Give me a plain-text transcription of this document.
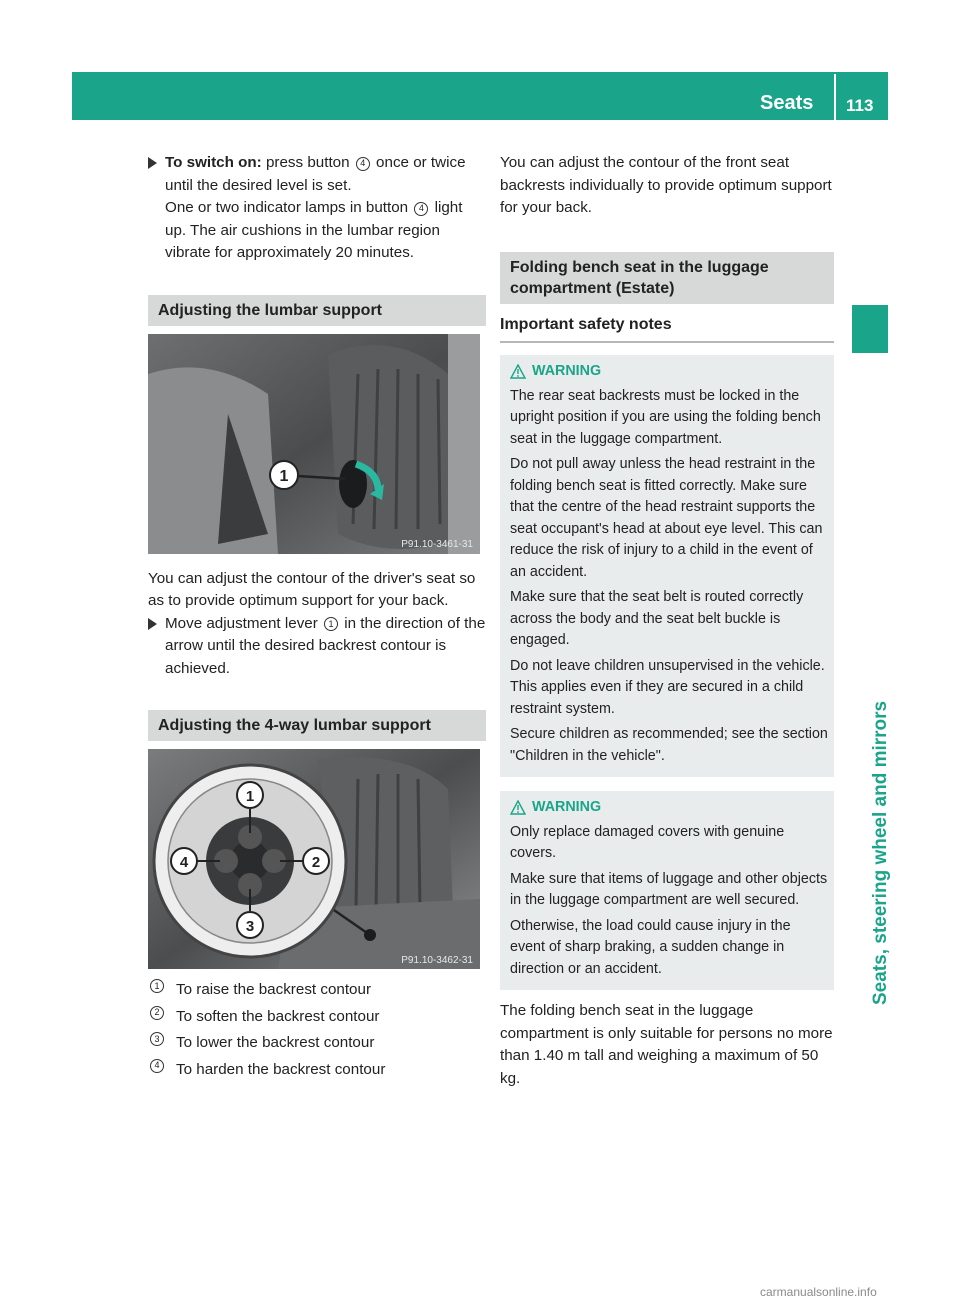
Seats 113
Seats, steering wheel and mirrors

To switch on: press button 4 once or twice until the desired level is set.
One or two indicator lamps in button 4 light up. The air cushions in the lumbar region vibrate for approximately 20 minutes.

Adjusting the lumbar support
1
P91.10-3461-31

You can adjust the contour of the driver's seat so as to provide optimum support for your back.

Move adjustment lever 1 in the direction of the arrow until the desired backrest contour is achieved.

Adjusting the 4-way lumbar support
1
2
3
4
P91.10-3462-31
1 To raise the backrest contour
2 To soften the backrest contour
3 To lower the backrest contour
4 To harden the backrest contour

You can adjust the contour of the front seat backrests individually to provide optimum support for your back.

Folding bench seat in the luggage compartment (Estate)
Important safety notes
WARNING

The rear seat backrests must be locked in the upright position if you are using the folding bench seat in the luggage compartment.

Do not pull away unless the head restraint in the folding bench seat is fitted correctly. Make sure that the centre of the head restraint supports the seat occupant's head at about eye level. This can reduce the risk of injury to a child in the event of an accident.

Make sure that the seat belt is routed correctly across the body and the seat belt buckle is engaged.

Do not leave children unsupervised in the vehicle. This applies even if they are secured in a child restraint system.

Secure children as recommended; see the section "Children in the vehicle".

WARNING

Only replace damaged covers with genuine covers.

Make sure that items of luggage and other objects in the luggage compartment are well secured.

Otherwise, the load could cause injury in the event of sharp braking, a sudden change in direction or an accident.

The folding bench seat in the luggage compartment is only suitable for persons no more than 1.40 m tall and weighing a maximum of 50 kg.

carmanualsonline.info
